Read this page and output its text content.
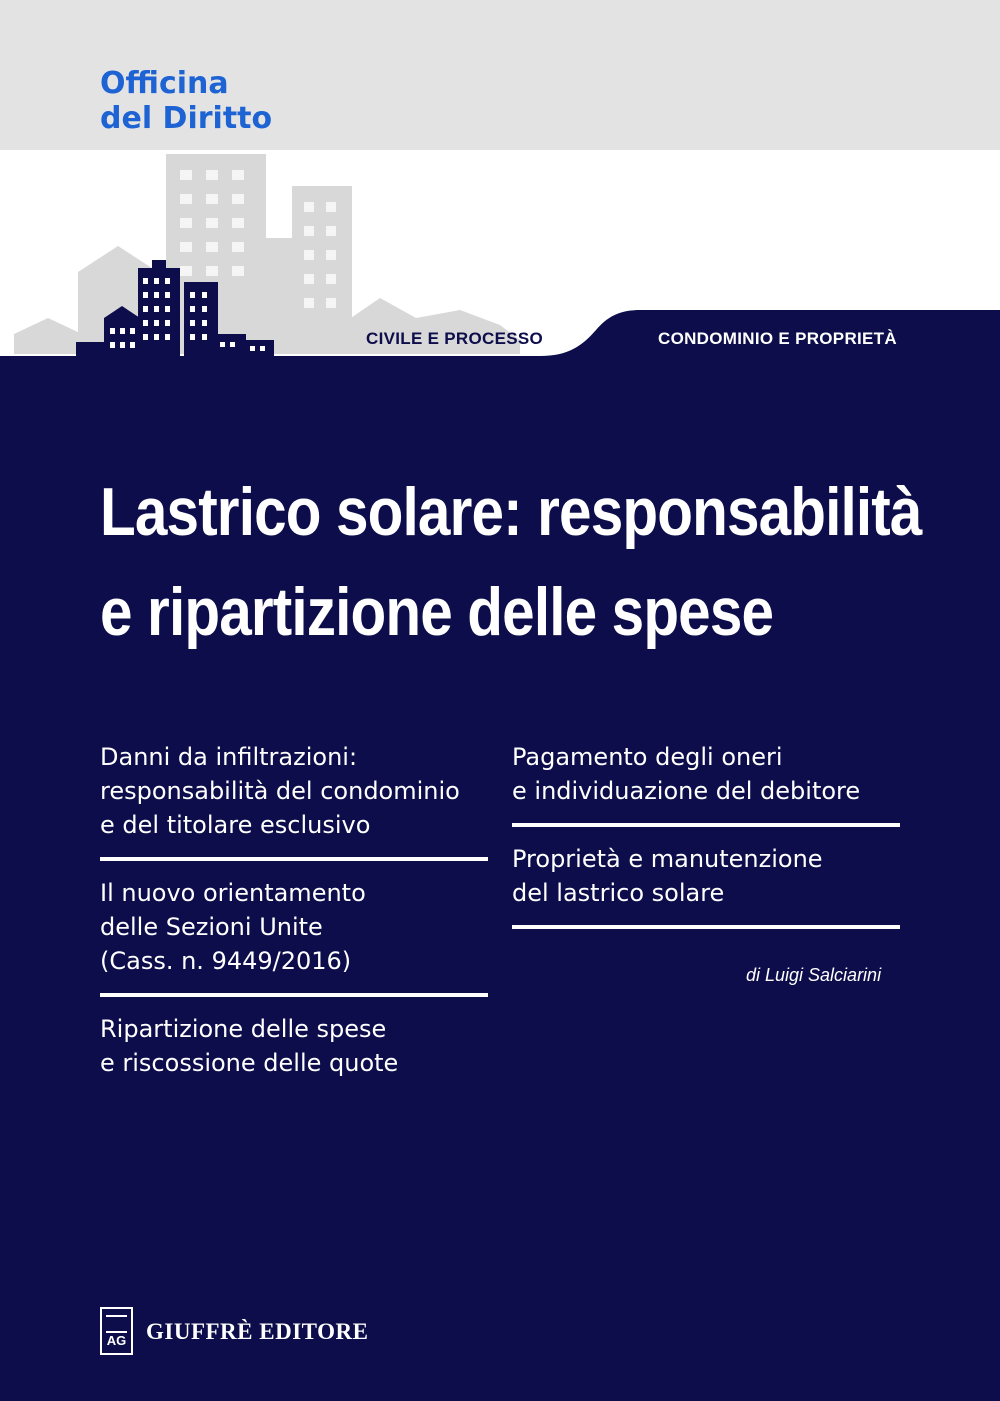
Officina
del Diritto
CIVILE E PROCESSO	CONDOMINIO E PROPRIETÀ
Lastrico solare: responsabilità
e ripartizione delle spese
Danni da infiltrazioni:
responsabilità del condominio
e del titolare esclusivo
Il nuovo orientamento
delle Sezioni Unite
(Cass. n. 9449/2016)
Ripartizione delle spese
e riscossione delle quote
Pagamento degli oneri
e individuazione del debitore
Proprietà e manutenzione
del lastrico solare
di Luigi Salciarini
AG GIUFFRÈ EDITORE
